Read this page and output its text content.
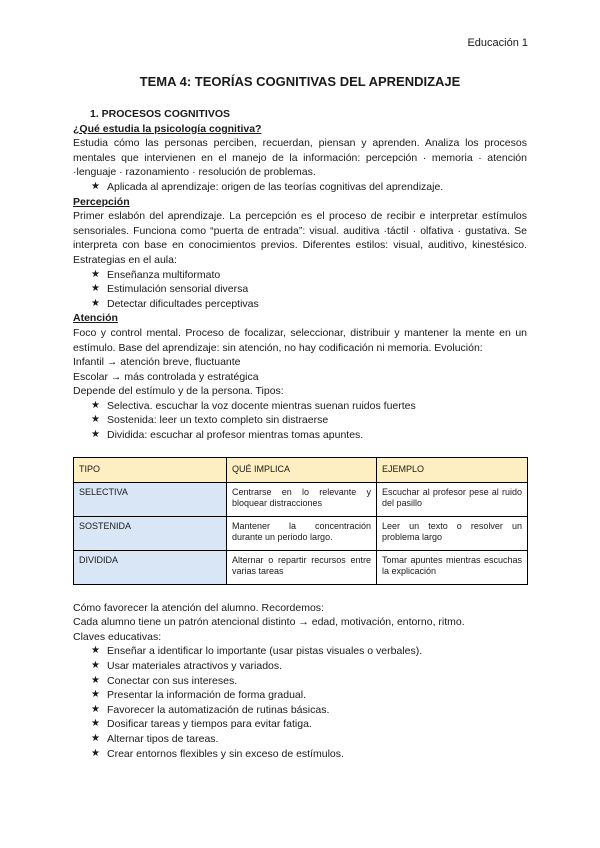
Educación 1
TEMA 4: TEORÍAS COGNITIVAS DEL APRENDIZAJE

1. PROCESOS COGNITIVOS

¿Qué estudia la psicología cognitiva?

Estudia cómo las personas perciben, recuerdan, piensan y aprenden. Analiza los procesos mentales que intervienen en el manejo de la información: percepción · memoria · atención ·lenguaje · razonamiento · resolución de problemas.

★ Aplicada al aprendizaje: origen de las teorías cognitivas del aprendizaje.

Percepción

Primer eslabón del aprendizaje. La percepción es el proceso de recibir e interpretar estímulos sensoriales. Funciona como “puerta de entrada”: visual. auditiva ·táctil · olfativa · gustativa. Se interpreta con base en conocimientos previos. Diferentes estilos: visual, auditivo, kinestésico. Estrategias en el aula:

★ Enseñanza multiformato
★ Estimulación sensorial diversa
★ Detectar dificultades perceptivas

Atención

Foco y control mental. Proceso de focalizar, seleccionar, distribuir y mantener la mente en un estímulo. Base del aprendizaje: sin atención, no hay codificación ni memoria. Evolución:

Infantil → atención breve, fluctuante

Escolar → más controlada y estratégica

Depende del estímulo y de la persona. Tipos:

★ Selectiva. escuchar la voz docente mientras suenan ruidos fuertes
★ Sostenida: leer un texto completo sin distraerse
★ Dividida: escuchar al profesor mientras tomas apuntes.
TIPO	QUÉ IMPLICA	EJEMPLO
SELECTIVA	Centrarse en lo relevante y bloquear distracciones	Escuchar al profesor pese al ruido del pasillo
SOSTENIDA	Mantener la concentración durante un periodo largo.	Leer un texto o resolver un problema largo
DIVIDIDA	Alternar o repartir recursos entre varias tareas	Tomar apuntes mientras escuchas la explicación

Cómo favorecer la atención del alumno. Recordemos:

Cada alumno tiene un patrón atencional distinto → edad, motivación, entorno, ritmo.

Claves educativas:

★ Enseñar a identificar lo importante (usar pistas visuales o verbales).
★ Usar materiales atractivos y variados.
★ Conectar con sus intereses.
★ Presentar la información de forma gradual.
★ Favorecer la automatización de rutinas básicas.
★ Dosificar tareas y tiempos para evitar fatiga.
★ Alternar tipos de tareas.
★ Crear entornos flexibles y sin exceso de estímulos.
